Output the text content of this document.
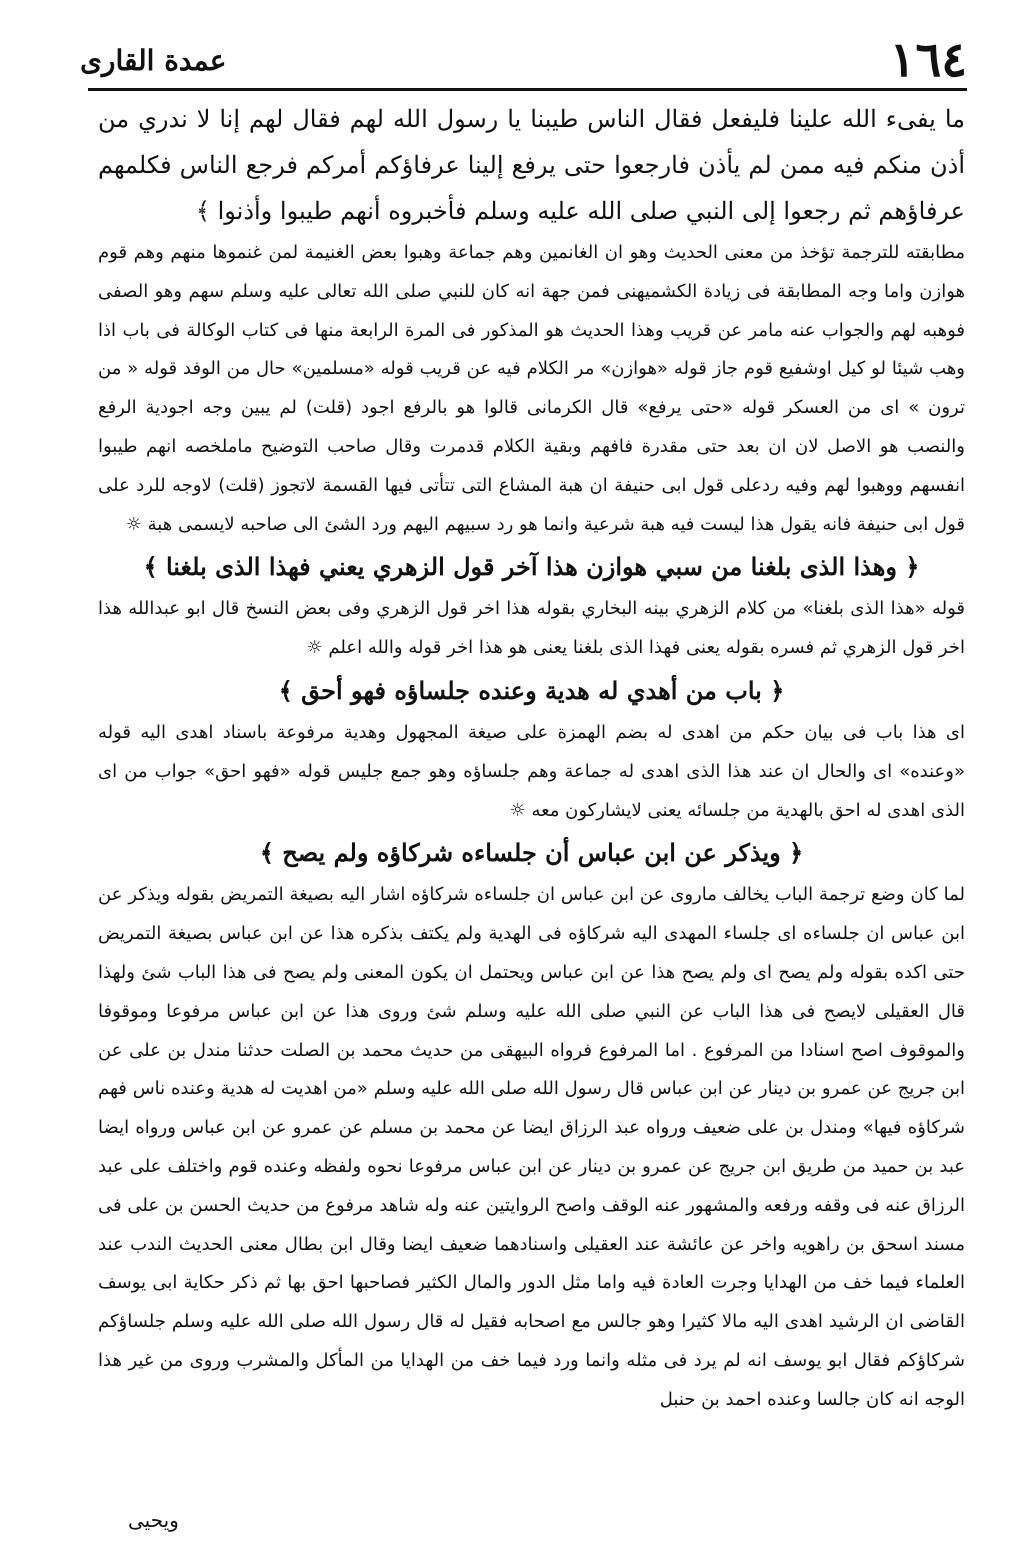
١٦٤
عمدة القارى

ما يفىء الله علينا فليفعل فقال الناس طيبنا يا رسول الله لهم فقال لهم إنا لا ندري من أذن منكم فيه ممن لم يأذن فارجعوا حتى يرفع إلينا عرفاؤكم أمركم فرجع الناس فكلمهم عرفاؤهم ثم رجعوا إلى النبي صلى الله عليه وسلم فأخبروه أنهم طيبوا وأذنوا ﴾

مطابقته للترجمة تؤخذ من معنى الحديث وهو ان الغانمين وهم جماعة وهبوا بعض الغنيمة لمن غنموها منهم وهم قوم هوازن واما وجه المطابقة فى زيادة الكشميهنى فمن جهة انه كان للنبي صلى الله تعالى عليه وسلم سهم وهو الصفى فوهبه لهم والجواب عنه مامر عن قريب وهذا الحديث هو المذكور فى المرة الرابعة منها فى كتاب الوكالة فى باب اذا وهب شيئا لو كيل اوشفيع قوم جاز قوله «هوازن» مر الكلام فيه عن قريب قوله «مسلمين» حال من الوفد قوله « من ترون » اى من العسكر قوله «حتى يرفع» قال الكرمانى قالوا هو بالرفع اجود (قلت) لم يبين وجه اجودية الرفع والنصب هو الاصل لان ان بعد حتى مقدرة فافهم وبقية الكلام قدمرت وقال صاحب التوضيح ماملخصه انهم طيبوا انفسهم ووهبوا لهم وفيه ردعلى قول ابى حنيفة ان هبة المشاع التى تتأتى فيها القسمة لاتجوز (قلت) لاوجه للرد على قول ابى حنيفة فانه يقول هذا ليست فيه هبة شرعية وانما هو رد سبيهم اليهم ورد الشئ الى صاحبه لايسمى هبة ☼

﴿ وهذا الذى بلغنا من سبي هوازن هذا آخر قول الزهري يعني فهذا الذى بلغنا ﴾

قوله «هذا الذى بلغنا» من كلام الزهري بينه البخاري بقوله هذا اخر قول الزهري وفى بعض النسخ قال ابو عبدالله هذا اخر قول الزهري ثم فسره بقوله يعنى فهذا الذى بلغنا يعنى هو هذا اخر قوله والله اعلم ☼

﴿ باب من أهدي له هدية وعنده جلساؤه فهو أحق ﴾

اى هذا باب فى بيان حكم من اهدى له بضم الهمزة على صيغة المجهول وهدية مرفوعة باسناد اهدى اليه قوله «وعنده» اى والحال ان عند هذا الذى اهدى له جماعة وهم جلساؤه وهو جمع جليس قوله «فهو احق» جواب من اى الذى اهدى له احق بالهدية من جلسائه يعنى لايشاركون معه ☼

﴿ ويذكر عن ابن عباس أن جلساءه شركاؤه ولم يصح ﴾

لما كان وضع ترجمة الباب يخالف ماروى عن ابن عباس ان جلساءه شركاؤه اشار اليه بصيغة التمريض بقوله ويذكر عن ابن عباس ان جلساءه اى جلساء المهدى اليه شركاؤه فى الهدية ولم يكتف بذكره هذا عن ابن عباس بصيغة التمريض حتى اكده بقوله ولم يصح اى ولم يصح هذا عن ابن عباس ويحتمل ان يكون المعنى ولم يصح فى هذا الباب شئ ولهذا قال العقيلى لايصح فى هذا الباب عن النبي صلى الله عليه وسلم شئ وروى هذا عن ابن عباس مرفوعا وموقوفا والموقوف اصح اسنادا من المرفوع . اما المرفوع فرواه البيهقى من حديث محمد بن الصلت حدثنا مندل بن على عن ابن جريج عن عمرو بن دينار عن ابن عباس قال رسول الله صلى الله عليه وسلم «من اهديت له هدية وعنده ناس فهم شركاؤه فيها» ومندل بن على ضعيف ورواه عبد الرزاق ايضا عن محمد بن مسلم عن عمرو عن ابن عباس ورواه ايضا عبد بن حميد من طريق ابن جريج عن عمرو بن دينار عن ابن عباس مرفوعا نحوه ولفظه وعنده قوم واختلف على عبد الرزاق عنه فى وقفه ورفعه والمشهور عنه الوقف واصح الروايتين عنه وله شاهد مرفوع من حديث الحسن بن على فى مسند اسحق بن راهويه واخر عن عائشة عند العقيلى واسنادهما ضعيف ايضا وقال ابن بطال معنى الحديث الندب عند العلماء فيما خف من الهدايا وجرت العادة فيه واما مثل الدور والمال الكثير فصاحبها احق بها ثم ذكر حكاية ابى يوسف القاضى ان الرشيد اهدى اليه مالا كثيرا وهو جالس مع اصحابه فقيل له قال رسول الله صلى الله عليه وسلم جلساؤكم شركاؤكم فقال ابو يوسف انه لم يرد فى مثله وانما ورد فيما خف من الهدايا من المأكل والمشرب وروى من غير هذا الوجه انه كان جالسا وعنده احمد بن حنبل

ويحيى
